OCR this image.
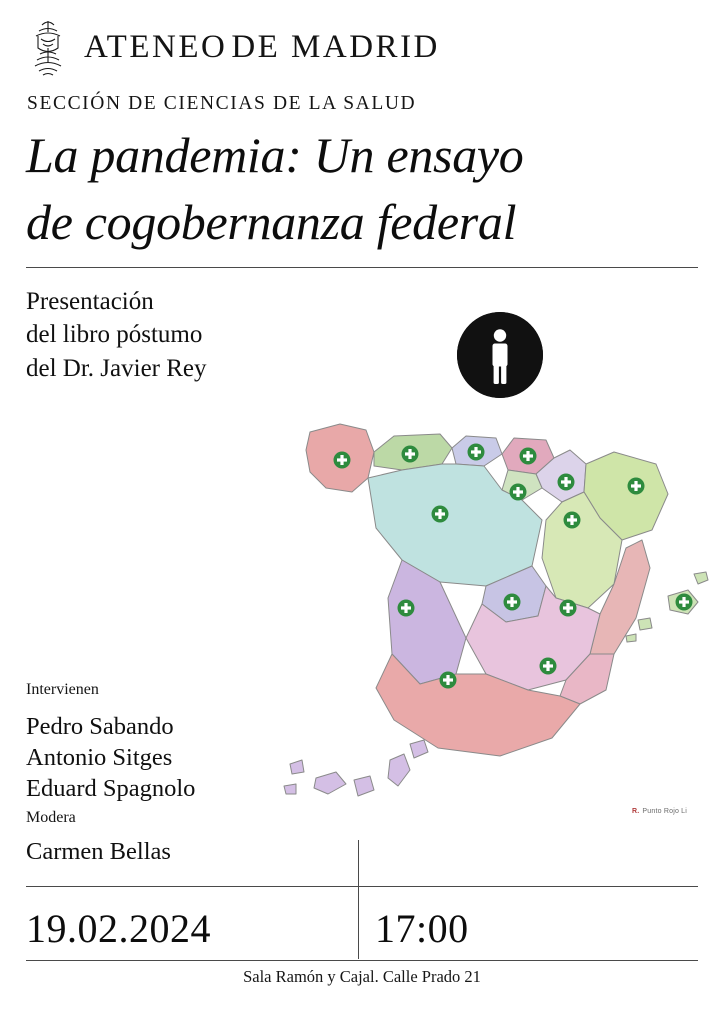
ATENEO DE MADRID
SECCIÓN DE CIENCIAS DE LA SALUD
La pandemia: Un ensayo
de cogobernanza federal
Presentación
del libro póstumo
del Dr. Javier Rey
R. Punto Rojo Li
Intervienen
Pedro Sabando
Antonio Sitges
Eduard Spagnolo
Modera
Carmen Bellas
19.02.2024	17:00
Sala Ramón y Cajal. Calle Prado 21
